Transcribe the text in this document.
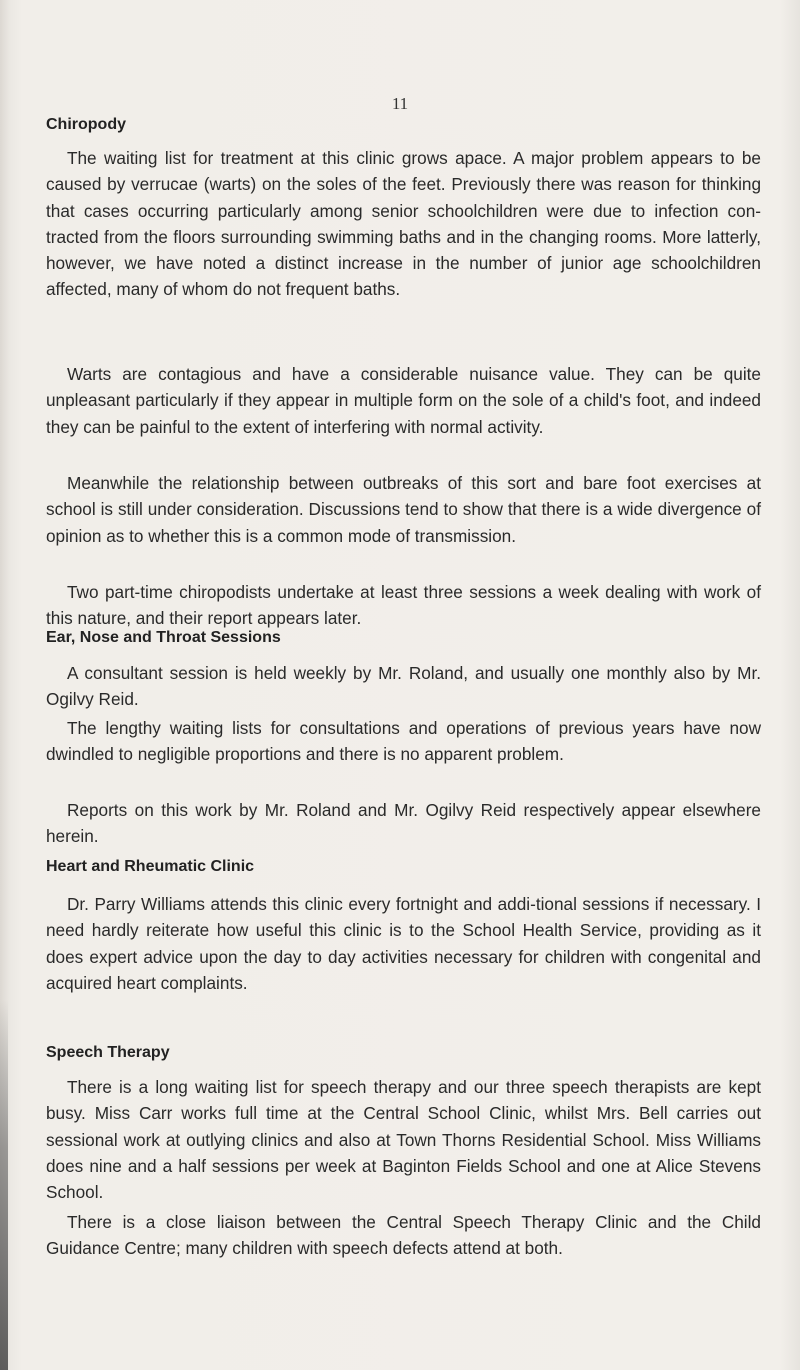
11
Chiropody

The waiting list for treatment at this clinic grows apace. A major problem appears to be caused by verrucae (warts) on the soles of the feet. Previously there was reason for thinking that cases occurring particularly among senior schoolchildren were due to infection con-tracted from the floors surrounding swimming baths and in the changing rooms. More latterly, however, we have noted a distinct increase in the number of junior age schoolchildren affected, many of whom do not frequent baths.

Warts are contagious and have a considerable nuisance value. They can be quite unpleasant particularly if they appear in multiple form on the sole of a child's foot, and indeed they can be painful to the extent of interfering with normal activity.

Meanwhile the relationship between outbreaks of this sort and bare foot exercises at school is still under consideration. Discussions tend to show that there is a wide divergence of opinion as to whether this is a common mode of transmission.

Two part-time chiropodists undertake at least three sessions a week dealing with work of this nature, and their report appears later.

Ear, Nose and Throat Sessions

A consultant session is held weekly by Mr. Roland, and usually one monthly also by Mr. Ogilvy Reid.

The lengthy waiting lists for consultations and operations of previous years have now dwindled to negligible proportions and there is no apparent problem.

Reports on this work by Mr. Roland and Mr. Ogilvy Reid respectively appear elsewhere herein.

Heart and Rheumatic Clinic

Dr. Parry Williams attends this clinic every fortnight and addi-tional sessions if necessary. I need hardly reiterate how useful this clinic is to the School Health Service, providing as it does expert advice upon the day to day activities necessary for children with congenital and acquired heart complaints.

Speech Therapy

There is a long waiting list for speech therapy and our three speech therapists are kept busy. Miss Carr works full time at the Central School Clinic, whilst Mrs. Bell carries out sessional work at outlying clinics and also at Town Thorns Residential School. Miss Williams does nine and a half sessions per week at Baginton Fields School and one at Alice Stevens School.

There is a close liaison between the Central Speech Therapy Clinic and the Child Guidance Centre; many children with speech defects attend at both.
